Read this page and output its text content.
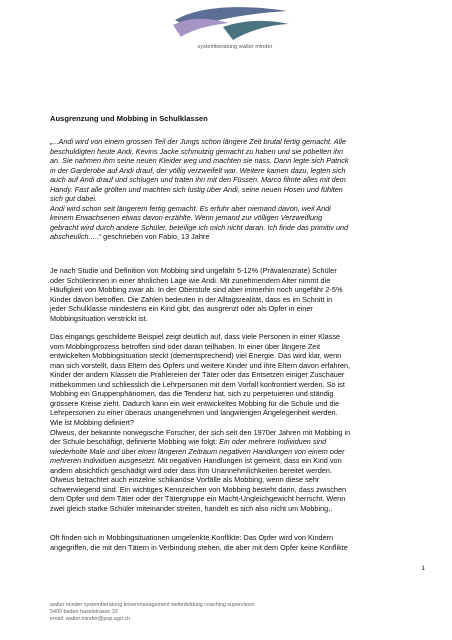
systemberatung walter minder
Ausgrenzung und Mobbing in Schulklassen
„...Andi wird von einem grossen Teil der Jungs schon längere Zeit brutal fertig gemacht. Alle
beschuldigten heute Andi, Kevins Jacke schmutzig gemacht zu haben und sie pöbelten ihn
an. Sie nahmen ihm seine neuen Kleider weg und machten sie nass. Dann legte sich Patrick
in der Garderobe auf Andi drauf, der völlig verzweifelt war. Weitere kamen dazu, legten sich
auch auf Andi drauf und schlugen und traten ihn mit den Füssen. Marco filmte alles mit dem
Handy. Fast alle grölten und machten sich lustig über Andi, seine neuen Hosen und fühlten
sich gut dabei.
Andi wird schon seit längerem fertig gemacht. Es erfuhr aber niemand davon, weil Andi
keinem Erwachsenen etwas davon erzählte. Wenn jemand zur völligen Verzweiflung
gebracht wird durch andere Schüler, beteilige ich mich nicht daran. Ich finde das primitiv und
abscheulich.....“ geschrieben von Fabio, 13 Jahre
Je nach Studie und Definition von Mobbing sind ungefähr 5-12% (Prävalenzrate) Schüler
oder Schülerinnen in einer ähnlichen Lage wie Andi. Mit zunehmendem Alter nimmt die
Häufigkeit von Mobbing zwar ab. In der Oberstufe sind aber immerhin noch ungefähr 2-5%
Kinder davon betroffen. Die Zahlen bedeuten in der Alltagsrealität, dass es im Schnitt in
jeder Schulklasse mindestens ein Kind gibt, das ausgrenzt oder als Opfer in einer
Mobbingsituation verstrickt ist.
Das eingangs geschilderte Beispiel zeigt deutlich auf, dass viele Personen in einer Klasse
vom Mobbingprozess betroffen sind oder daran teilhaben. In einer über längere Zeit
entwickelten Mobbingsituation steckt (dementsprechend) viel Energie. Das wird klar, wenn
man sich vorstellt, dass Eltern des Opfers und weitere Kinder und ihre Eltern davon erfahren,
Kinder der andern Klassen die Prahlereien der Täter oder das Entsetzen einiger Zuschauer
mitbekommen und schliesslich die Lehrpersonen mit dem Vorfall konfrontiert werden. So ist
Mobbing ein Gruppenphänomen, das die Tendenz hat, sich zu perpetuieren und ständig
grössere Kreise zieht. Dadurch kann ein weit entwickeltes Mobbing für die Schule und die
Lehrpersonen zu einer überaus unangenehmen und langwierigen Angelegenheit werden.
Wie ist Mobbing definiert?
Olweus, der bekannte norwegische Forscher, der sich seit den 1970er Jahren mit Mobbing in
der Schule beschäftigt, definierte Mobbing wie folgt: Ein oder mehrere Individuen sind
wiederholte Male und über einen längeren Zeitraum negativen Handlungen von einem oder
mehreren Individuen ausgesetzt. Mit negativen Handlungen ist gemeint, dass ein Kind von
andern absichtlich geschädigt wird oder dass ihm Unannehmlichkeiten bereitet werden.
Olweus betrachtet auch einzelne schikanöse Vorfälle als Mobbing, wenn diese sehr
schwerwiegend sind. Ein wichtiges Kennzeichen von Mobbing besteht darin, dass zwischen
dem Opfer und dem Täter oder der Tätergruppe ein Macht-Ungleichgewicht herrscht. Wenn
zwei gleich starke Schüler miteinander streiten, handelt es sich also nicht um Mobbing,.
Oft finden sich in Mobbingsituationen umgelenkte Konflikte: Das Opfer wird von Kindern
angegriffen, die mit den Tätern in Verbindung stehen, die aber mit dem Opfer keine Konflikte
1
walter minder systemberatung krisenmanagement weiterbildung coaching supervision
5400 baden haselstrasse 33
email: walter.minder@pop.agri.ch
